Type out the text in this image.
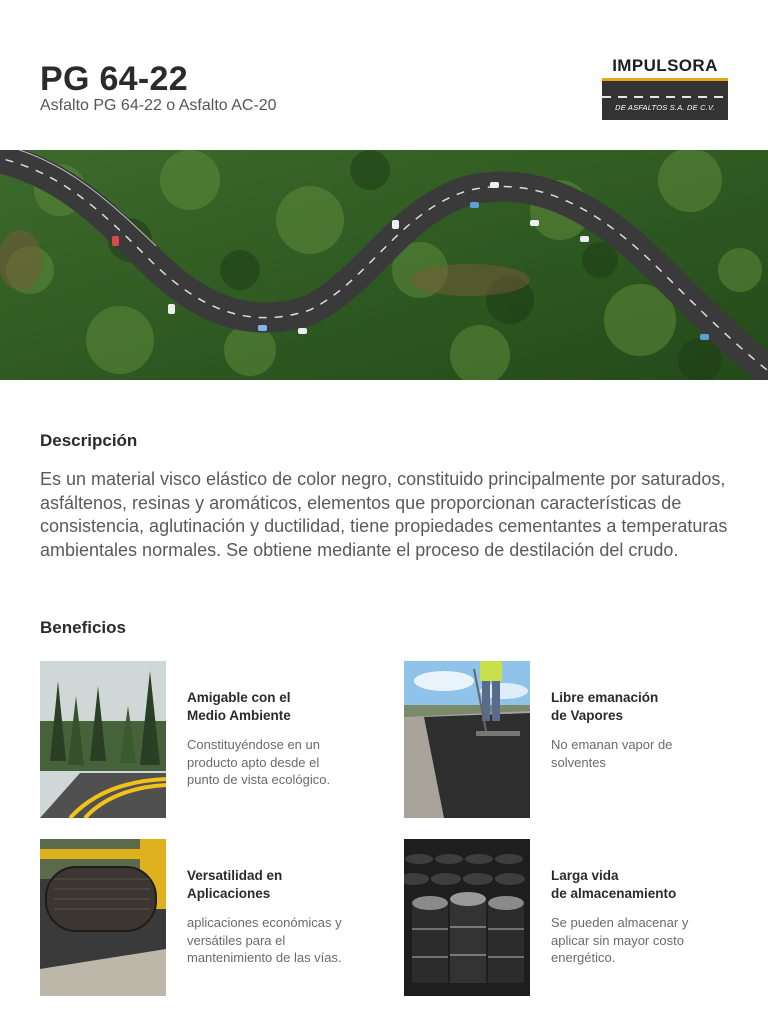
PG 64-22
Asfalto PG 64-22 o Asfalto AC-20
IMPULSORA
DE ASFALTOS S.A. DE C.V.
Descripción
Es un material visco elástico de color negro, constituido principalmente por saturados, asfáltenos, resinas y aromáticos, elementos que proporcionan características de consistencia, aglutinación y ductilidad, tiene propiedades cementantes a temperaturas ambientales normales. Se obtiene mediante el proceso de destilación del crudo.
Beneficios
Amigable con el
Medio Ambiente
Constituyéndose en un producto apto desde el punto de vista ecológico.
Libre emanación
de Vapores
No emanan vapor de solventes
Versatilidad en
Aplicaciones
aplicaciones económicas y versátiles para el mantenimiento de las vías.
Larga vida
de almacenamiento
Se pueden almacenar y aplicar sin mayor costo energético.
